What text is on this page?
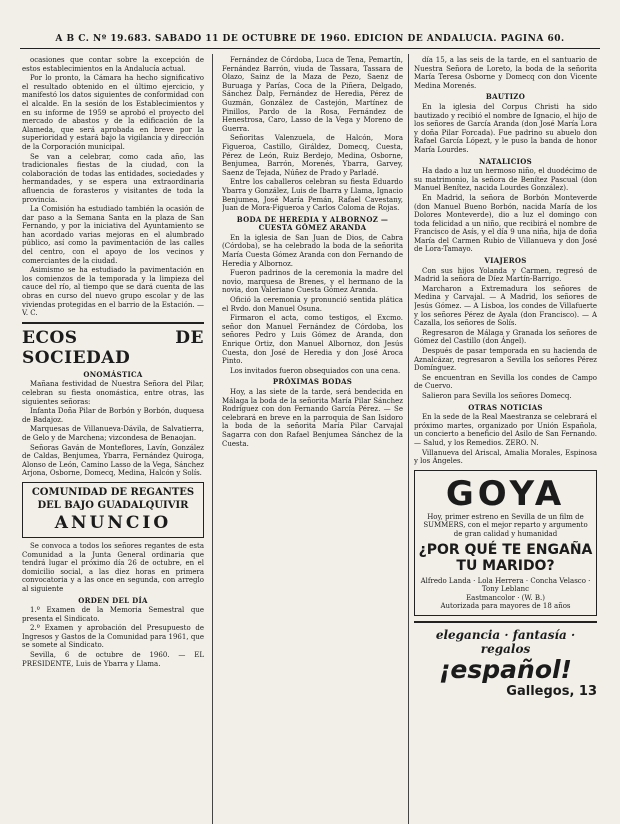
A B C. Nº 19.683. SÁBADO 11 DE OCTUBRE DE 1960. EDICIÓN DE ANDALUCÍA. PÁGINA 60.

ocasiones que contar sobre la excepción de estos establecimientos en la Andalucía actual.

Por lo pronto, la Cámara ha hecho significativo el resultado obtenido en el último ejercicio, y manifestó los datos siguientes de conformidad con el alcalde. En la sesión de los Establecimientos y en su informe de 1959 se aprobó el proyecto del mercado de abastos y de la edificación de la Alameda, que será aprobada en breve por la superioridad y estará bajo la vigilancia y dirección de la Corporación municipal.

Se van a celebrar, como cada año, las tradicionales fiestas de la ciudad, con la colaboración de todas las entidades, sociedades y hermandades, y se espera una extraordinaria afluencia de forasteros y visitantes de toda la provincia.

La Comisión ha estudiado también la ocasión de dar paso a la Semana Santa en la plaza de San Fernando, y por la iniciativa del Ayuntamiento se han acordado varias mejoras en el alumbrado público, así como la pavimentación de las calles del centro, con el apoyo de los vecinos y comerciantes de la ciudad.

Asimismo se ha estudiado la pavimentación en los comienzos de la temporada y la limpieza del cauce del río, al tiempo que se dará cuenta de las obras en curso del nuevo grupo escolar y de las viviendas protegidas en el barrio de la Estación. — V. C.

ECOS DE SOCIEDAD
ONOMÁSTICA

Mañana festividad de Nuestra Señora del Pilar, celebran su fiesta onomástica, entre otras, las siguientes señoras:

Infanta Doña Pilar de Borbón y Borbón, duquesa de Badajoz.

Marquesas de Villanueva-Dávila, de Salvatierra, de Gelo y de Marchena; vizcondesa de Benaojan.

Señoras Gaván de Monteflores, Lavín, González de Caldas, Benjumea, Ybarra, Fernández Quiroga, Alonso de León, Camino Lasso de la Vega, Sánchez Arjona, Osborne, Domecq, Medina, Halcón y Solís.

COMUNIDAD DE REGANTES DEL BAJO GUADALQUIVIR
ANUNCIO

Se convoca a todos los señores regantes de esta Comunidad a la Junta General ordinaria que tendrá lugar el próximo día 26 de octubre, en el domicilio social, a las diez horas en primera convocatoria y a las once en segunda, con arreglo al siguiente

ORDEN DEL DÍA

1.º Examen de la Memoria Semestral que presenta el Sindicato.

2.º Examen y aprobación del Presupuesto de Ingresos y Gastos de la Comunidad para 1961, que se somete al Sindicato.

Sevilla, 6 de octubre de 1960. — EL PRESIDENTE, Luis de Ybarra y Llama.

Fernández de Córdoba, Luca de Tena, Pemartín, Fernández Barrón, viuda de Tassara, Tassara de Olazo, Sainz de la Maza de Pezo, Saenz de Buruaga y Parías, Coca de la Piñera, Delgado, Sánchez Dalp, Fernández de Heredia, Pérez de Guzmán, González de Castejón, Martínez de Pinillos, Pardo de la Rosa, Fernández de Henestrosa, Caro, Lasso de la Vega y Moreno de Guerra.

Señoritas Valenzuela, de Halcón, Mora Figueroa, Castillo, Giráldez, Domecq, Cuesta, Pérez de León, Ruiz Berdejo, Medina, Osborne, Benjumea, Barrón, Morenés, Ybarra, Garvey, Saenz de Tejada, Núñez de Prado y Parladé.

Entre los caballeros celebran su fiesta Eduardo Ybarra y González, Luis de Ibarra y Llama, Ignacio Benjumea, José María Pemán, Rafael Cavestany, Juan de Mora-Figueroa y Carlos Coloma de Rojas.

BODA DE HEREDIA Y ALBORNOZ — CUESTA GÓMEZ ARANDA

En la iglesia de San Juan de Dios, de Cabra (Córdoba), se ha celebrado la boda de la señorita María Cuesta Gómez Aranda con don Fernando de Heredia y Albornoz.

Fueron padrinos de la ceremonia la madre del novio, marquesa de Brenes, y el hermano de la novia, don Valeriano Cuesta Gómez Aranda.

Ofició la ceremonia y pronunció sentida plática el Rvdo. don Manuel Osuna.

Firmaron el acta, como testigos, el Excmo. señor don Manuel Fernández de Córdoba, los señores Pedro y Luis Gómez de Aranda, don Enrique Ortiz, don Manuel Albornoz, don Jesús Cuesta, don José de Heredia y don José Aroca Pinto.

Los invitados fueron obsequiados con una cena.

PRÓXIMAS BODAS

Hoy, a las siete de la tarde, será bendecida en Málaga la boda de la señorita María Pilar Sánchez Rodríguez con don Fernando García Pérez. — Se celebrará en breve en la parroquia de San Isidoro la boda de la señorita María Pilar Carvajal Sagarra con don Rafael Benjumea Sánchez de la Cuesta.

día 15, a las seis de la tarde, en el santuario de Nuestra Señora de Loreto, la boda de la señorita María Teresa Osborne y Domecq con don Vicente Medina Morenés.

BAUTIZO

En la iglesia del Corpus Christi ha sido bautizado y recibió el nombre de Ignacio, el hijo de los señores de García Aranda (don José María Lora y doña Pilar Forcada). Fue padrino su abuelo don Rafael García Lópezt, y le puso la banda de honor María Lourdes.

NATALICIOS

Ha dado a luz un hermoso niño, el duodécimo de su matrimonio, la señora de Benítez Pascual (don Manuel Benítez, nacida Lourdes González).

En Madrid, la señora de Borbón Monteverde (don Manuel Bueno Borbón, nacida María de los Dolores Monteverde), dio a luz el domingo con toda felicidad a un niño, que recibirá el nombre de Francisco de Asís, y el día 9 una niña, hija de doña María del Carmen Rubio de Villanueva y don José de Lora-Tamayo.

VIAJEROS

Con sus hijos Yolanda y Carmen, regresó de Madrid la señora de Díez Martín-Barrigo.

Marcharon a Extremadura los señores de Medina y Carvajal. — A Madrid, los señores de Jesús Gómez. — A Lisboa, los condes de Villafuerte y los señores Pérez de Ayala (don Francisco). — A Cazalla, los señores de Solís.

Regresaron de Málaga y Granada los señores de Gómez del Castillo (don Ángel).

Después de pasar temporada en su hacienda de Aznalcázar, regresaron a Sevilla los señores Pérez Domínguez.

Se encuentran en Sevilla los condes de Campo de Cuervo.

Salieron para Sevilla los señores Domecq.

OTRAS NOTICIAS

En la sede de la Real Maestranza se celebrará el próximo martes, organizado por Unión Española, un concierto a beneficio del Asilo de San Fernando. — Salud, y los Remedios. ZERO. N.

Villanueva del Ariscal, Amalia Morales, Espinosa y los Ángeles.

GOYA
Hoy, primer estreno en Sevilla de un film de SUMMERS, con el mejor reparto y argumento de gran calidad y humanidad
¿POR QUÉ TE ENGAÑA TU MARIDO?
Alfredo Landa · Lola Herrera · Concha Velasco · Tony Leblanc
Eastmancolor · (W. B.)
Autorizada para mayores de 18 años
elegancia · fantasía · regalos
¡español!
Gallegos, 13
